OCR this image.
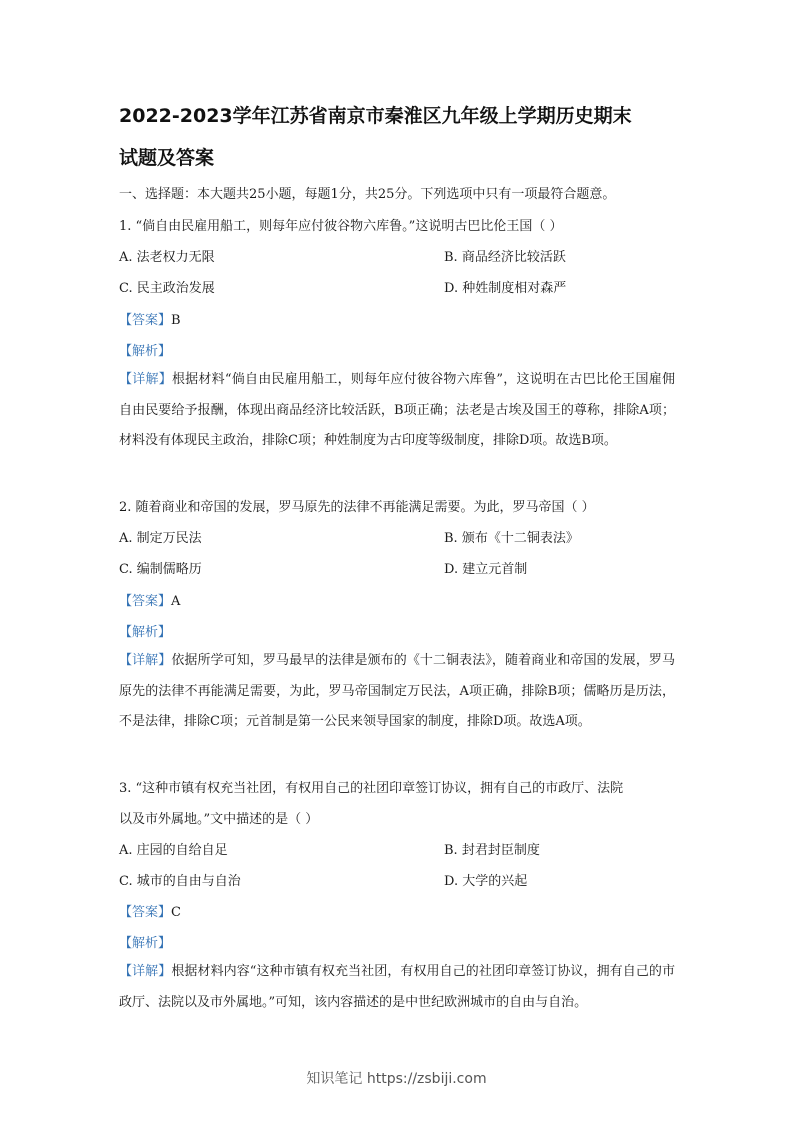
2022-2023学年江苏省南京市秦淮区九年级上学期历史期末
试题及答案
一、选择题：本大题共25小题，每题1分，共25分。下列选项中只有一项最符合题意。
1. “倘自由民雇用船工，则每年应付彼谷物六库鲁。”这说明古巴比伦王国（ ）
A. 法老权力无限	B. 商品经济比较活跃
C. 民主政治发展	D. 种姓制度相对森严
【答案】B
【解析】
【详解】根据材料“倘自由民雇用船工，则每年应付彼谷物六库鲁”，这说明在古巴比伦王国雇佣自由民要给予报酬，体现出商品经济比较活跃，B项正确；法老是古埃及国王的尊称，排除A项；材料没有体现民主政治，排除C项；种姓制度为古印度等级制度，排除D项。故选B项。
2. 随着商业和帝国的发展，罗马原先的法律不再能满足需要。为此，罗马帝国（ ）
A. 制定万民法	B. 颁布《十二铜表法》
C. 编制儒略历	D. 建立元首制
【答案】A
【解析】
【详解】依据所学可知，罗马最早的法律是颁布的《十二铜表法》，随着商业和帝国的发展，罗马原先的法律不再能满足需要，为此，罗马帝国制定万民法，A项正确，排除B项；儒略历是历法，不是法律，排除C项；元首制是第一公民来领导国家的制度，排除D项。故选A项。
3. “这种市镇有权充当社团，有权用自己的社团印章签订协议，拥有自己的市政厅、法院
以及市外属地。”文中描述的是（ ）
A. 庄园的自给自足	B. 封君封臣制度
C. 城市的自由与自治	D. 大学的兴起
【答案】C
【解析】
【详解】根据材料内容“这种市镇有权充当社团，有权用自己的社团印章签订协议，拥有自己的市政厅、法院以及市外属地。”可知，该内容描述的是中世纪欧洲城市的自由与自治。
知识笔记 https://zsbiji.com
